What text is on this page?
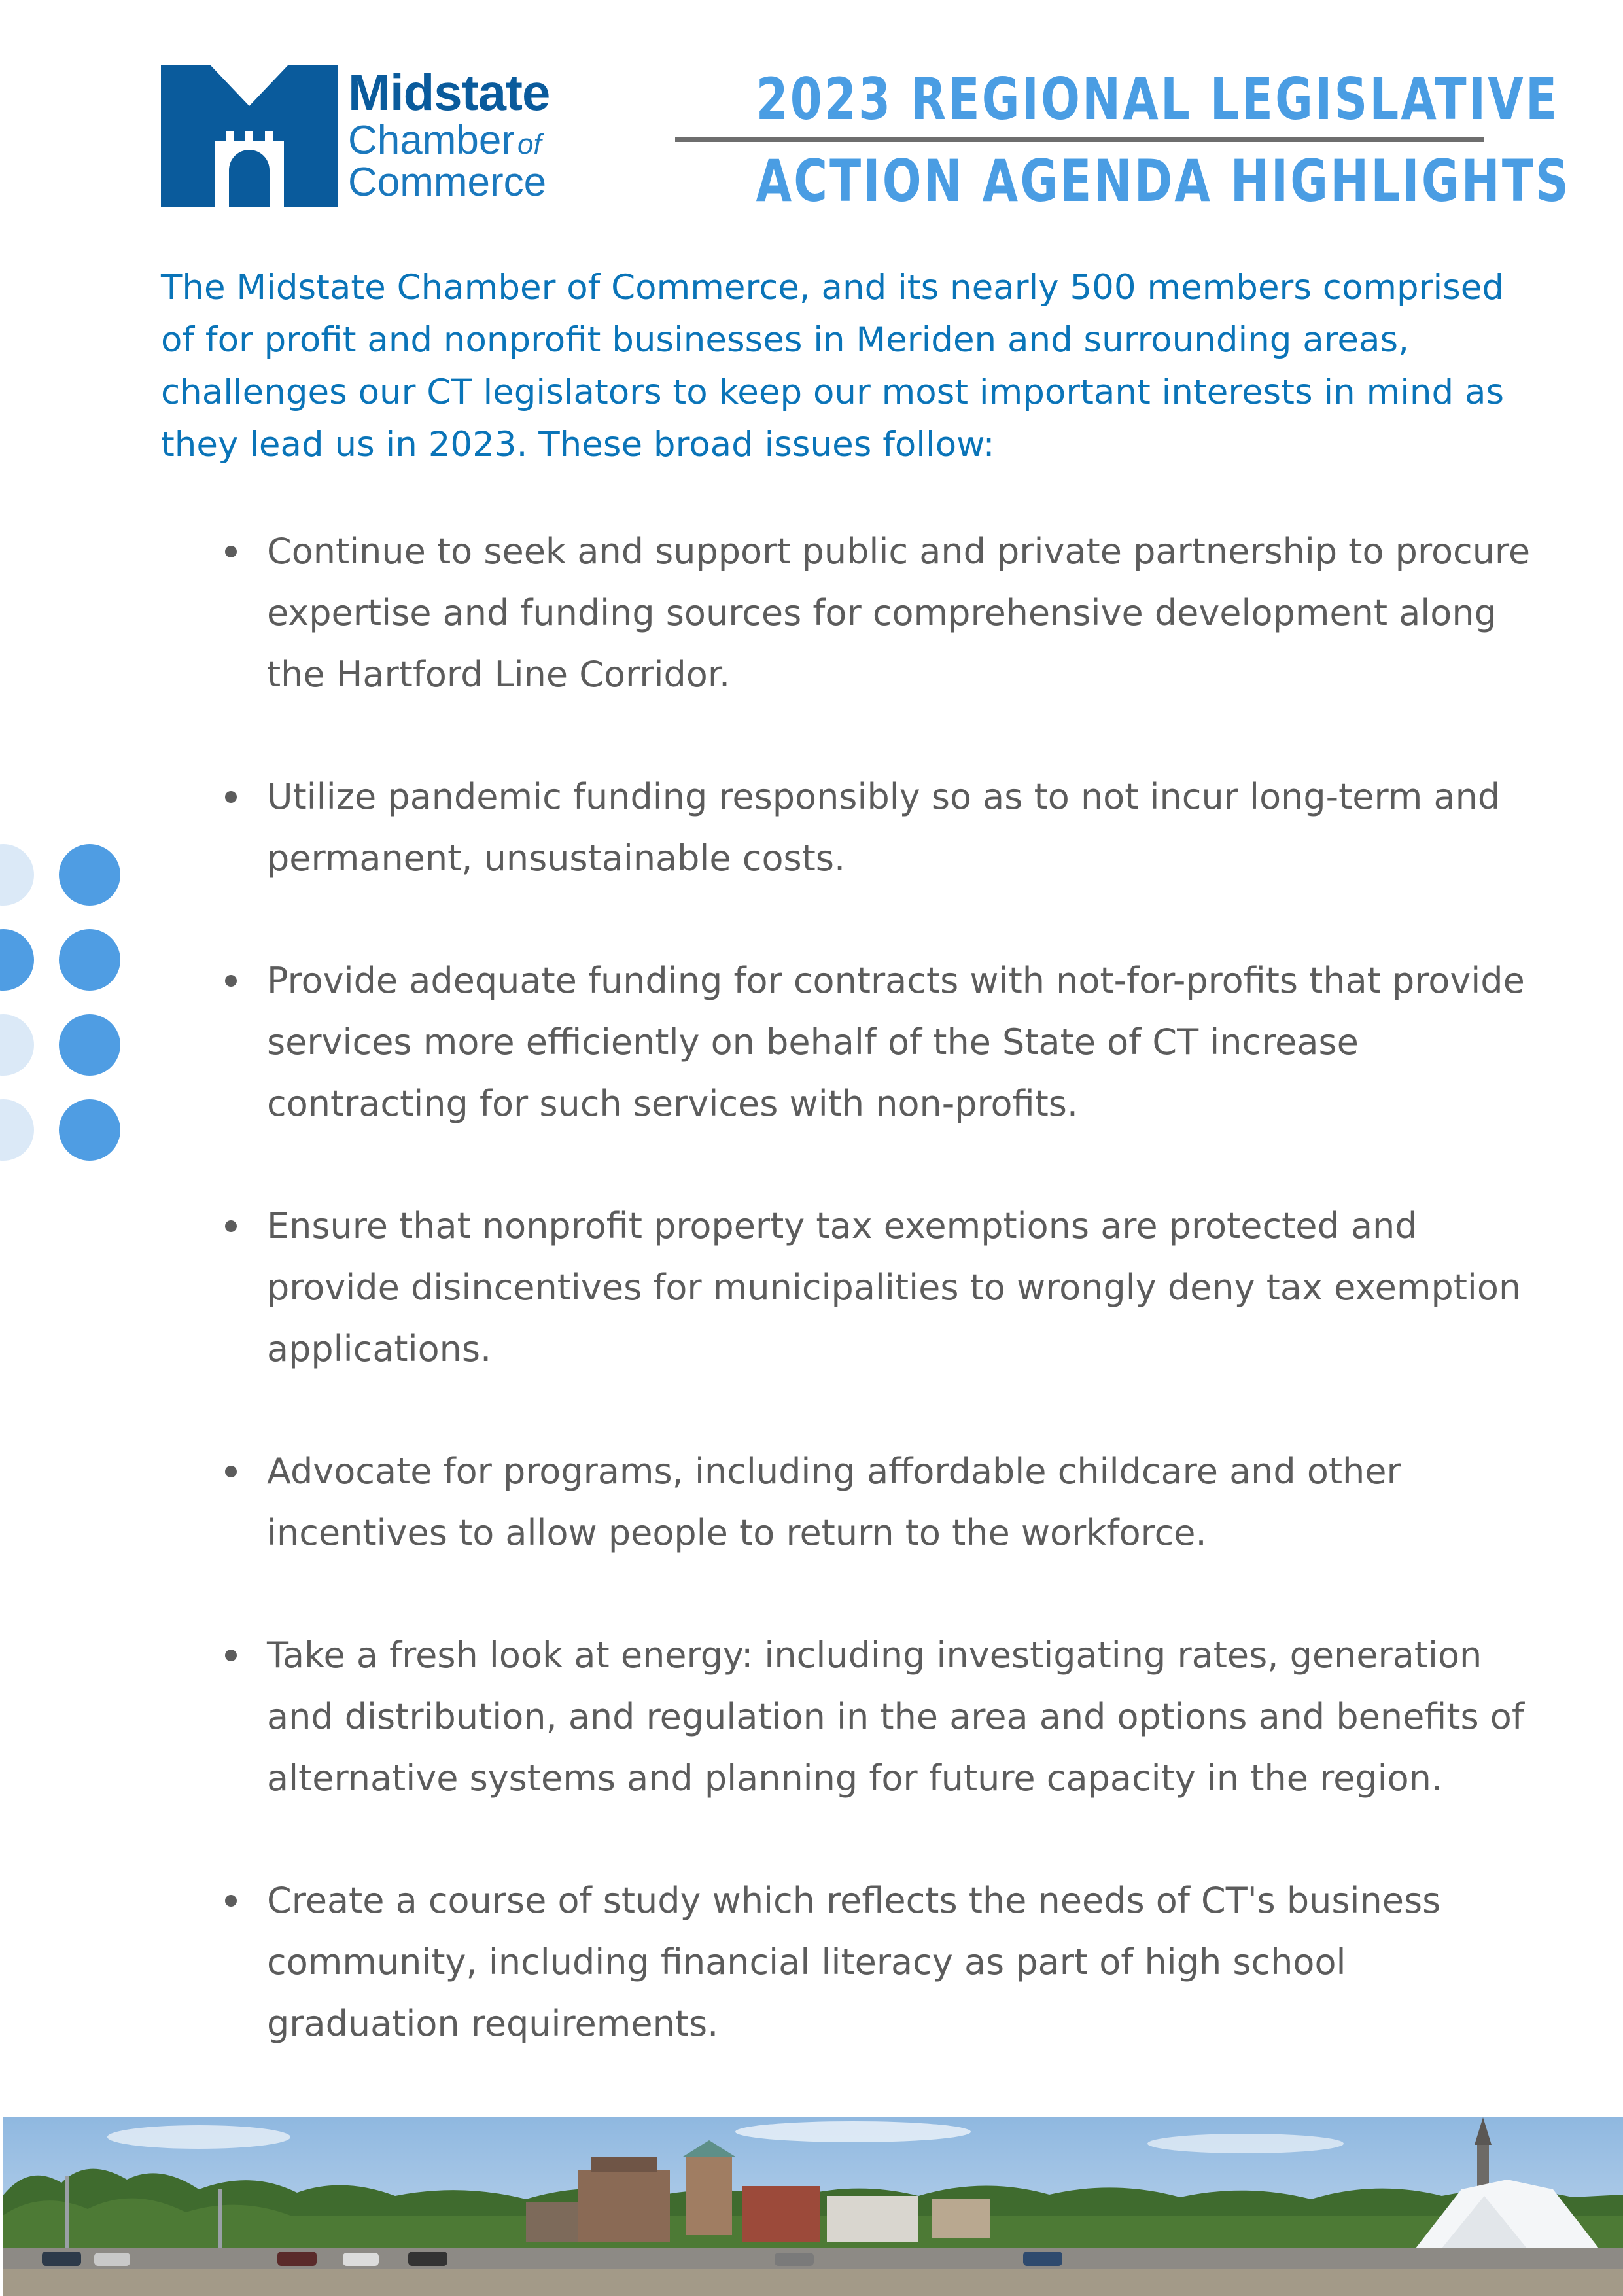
Midstate
Chamberof
Commerce
2023 REGIONAL LEGISLATIVE
ACTION AGENDA HIGHLIGHTS
The Midstate Chamber of Commerce, and its nearly 500 members comprised of for profit and nonprofit businesses in Meriden and surrounding areas, challenges our CT legislators to keep our most important interests in mind as they lead us in 2023. These broad issues follow:
Continue to seek and support public and private partnership to procure expertise and funding sources for comprehensive development along the Hartford Line Corridor.
Utilize pandemic funding responsibly so as to not incur long-term and permanent, unsustainable costs.
Provide adequate funding for contracts with not-for-profits that provide services more efficiently on behalf of the State of CT increase contracting for such services with non-profits.
Ensure that nonprofit property tax exemptions are protected and provide disincentives for municipalities to wrongly deny tax exemption applications.
Advocate for programs, including affordable childcare and other incentives to allow people to return to the workforce.
Take a fresh look at energy: including investigating rates, generation and distribution, and regulation in the area and options and benefits of alternative systems and planning for future capacity in the region.
Create a course of study which reflects the needs of CT's business community, including financial literacy as part of high school graduation requirements.
